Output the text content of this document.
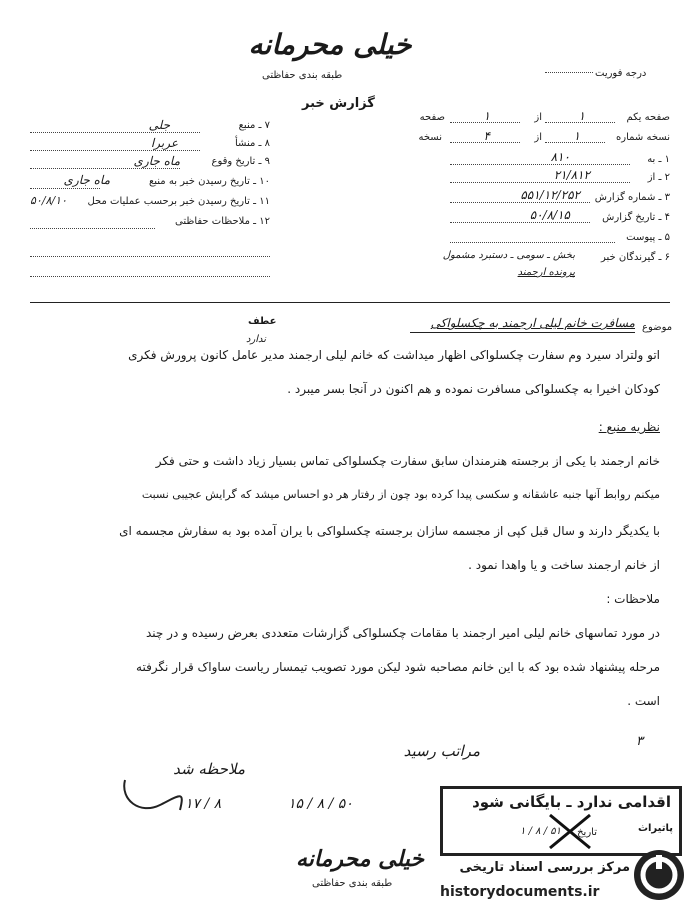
خیلی محرمانه
طبقه بندی حفاظتی
گزارش خبر
درجه فوریت
۷ ـ منبع
جلی
۸ ـ منشأ
عربرا
۹ ـ تاریخ وقوع
ماه جاری
۱۰ ـ تاریخ رسیدن خبر به منبع
ماه جاری
۱۱ ـ تاریخ رسیدن خبر برحسب عملیات محل
۵۰/۸/۱۰
۱۲ ـ ملاحظات حفاظتی
صفحه یکم
۱
از
۱
صفحه
نسخه شماره
۱
از
۴
نسخه
۱ ـ به
۸۱۰
۲ ـ از
۲۱/۸۱۲
۳ ـ شماره گزارش
۵۵۱/۱۲/۲۵۲
۴ ـ تاریخ گزارش
۵۰/۸/۱۵
۵ ـ پیوست
۶ ـ گیرندگان خبر
بخش ـ سومی ـ دستبرد مشمول
پرونده ارجمند
موضوع
مسافرت خانم لیلی ارجمند به چکسلواکی
عطف
ندارد
اتو ولتراد سیرد وم سفارت چکسلواکی اظهار میداشت که خانم لیلی ارجمند مدیر عامل کانون پرورش فکری
کودکان اخیرا به چکسلواکی مسافرت نموده و هم اکنون در آنجا بسر میبرد .
نظریه منبع :
خانم ارجمند با یکی از برجسته هنرمندان سابق سفارت چکسلواکی تماس بسیار زیاد داشت و حتی فکر
میکنم روابط آنها جنبه عاشقانه و سکسی پیدا کرده بود چون از رفتار هر دو احساس میشد که گرایش عجیبی نسبت
با یکدیگر دارند و سال قبل کپی از مجسمه سازان برجسته چکسلواکی با یران آمده بود به سفارش مجسمه ای
از خانم ارجمند ساخت و یا واهدا نمود .
ملاحظات :
در مورد تماسهای خانم لیلی امیر ارجمند با مقامات چکسلواکی گزارشات متعددی بعرض رسیده و در چند
مرحله پیشنهاد شده بود که با این خانم مصاحبه شود لیکن مورد تصویب تیمسار ریاست ساواک قرار نگرفته
است .
۳
مراتب رسید
۱۵ / ۸ / ۵۰
ملاحظه شد
۱۷ / ۸	اقدامی ندارد ـ بایگانی شود
پاتیراث
تاریخ
۵۱ / ۸ / ۱
خیلی محرمانه
طبقه بندی حفاظتی
مرکز بررسی اسناد تاریخی
historydocuments.ir
